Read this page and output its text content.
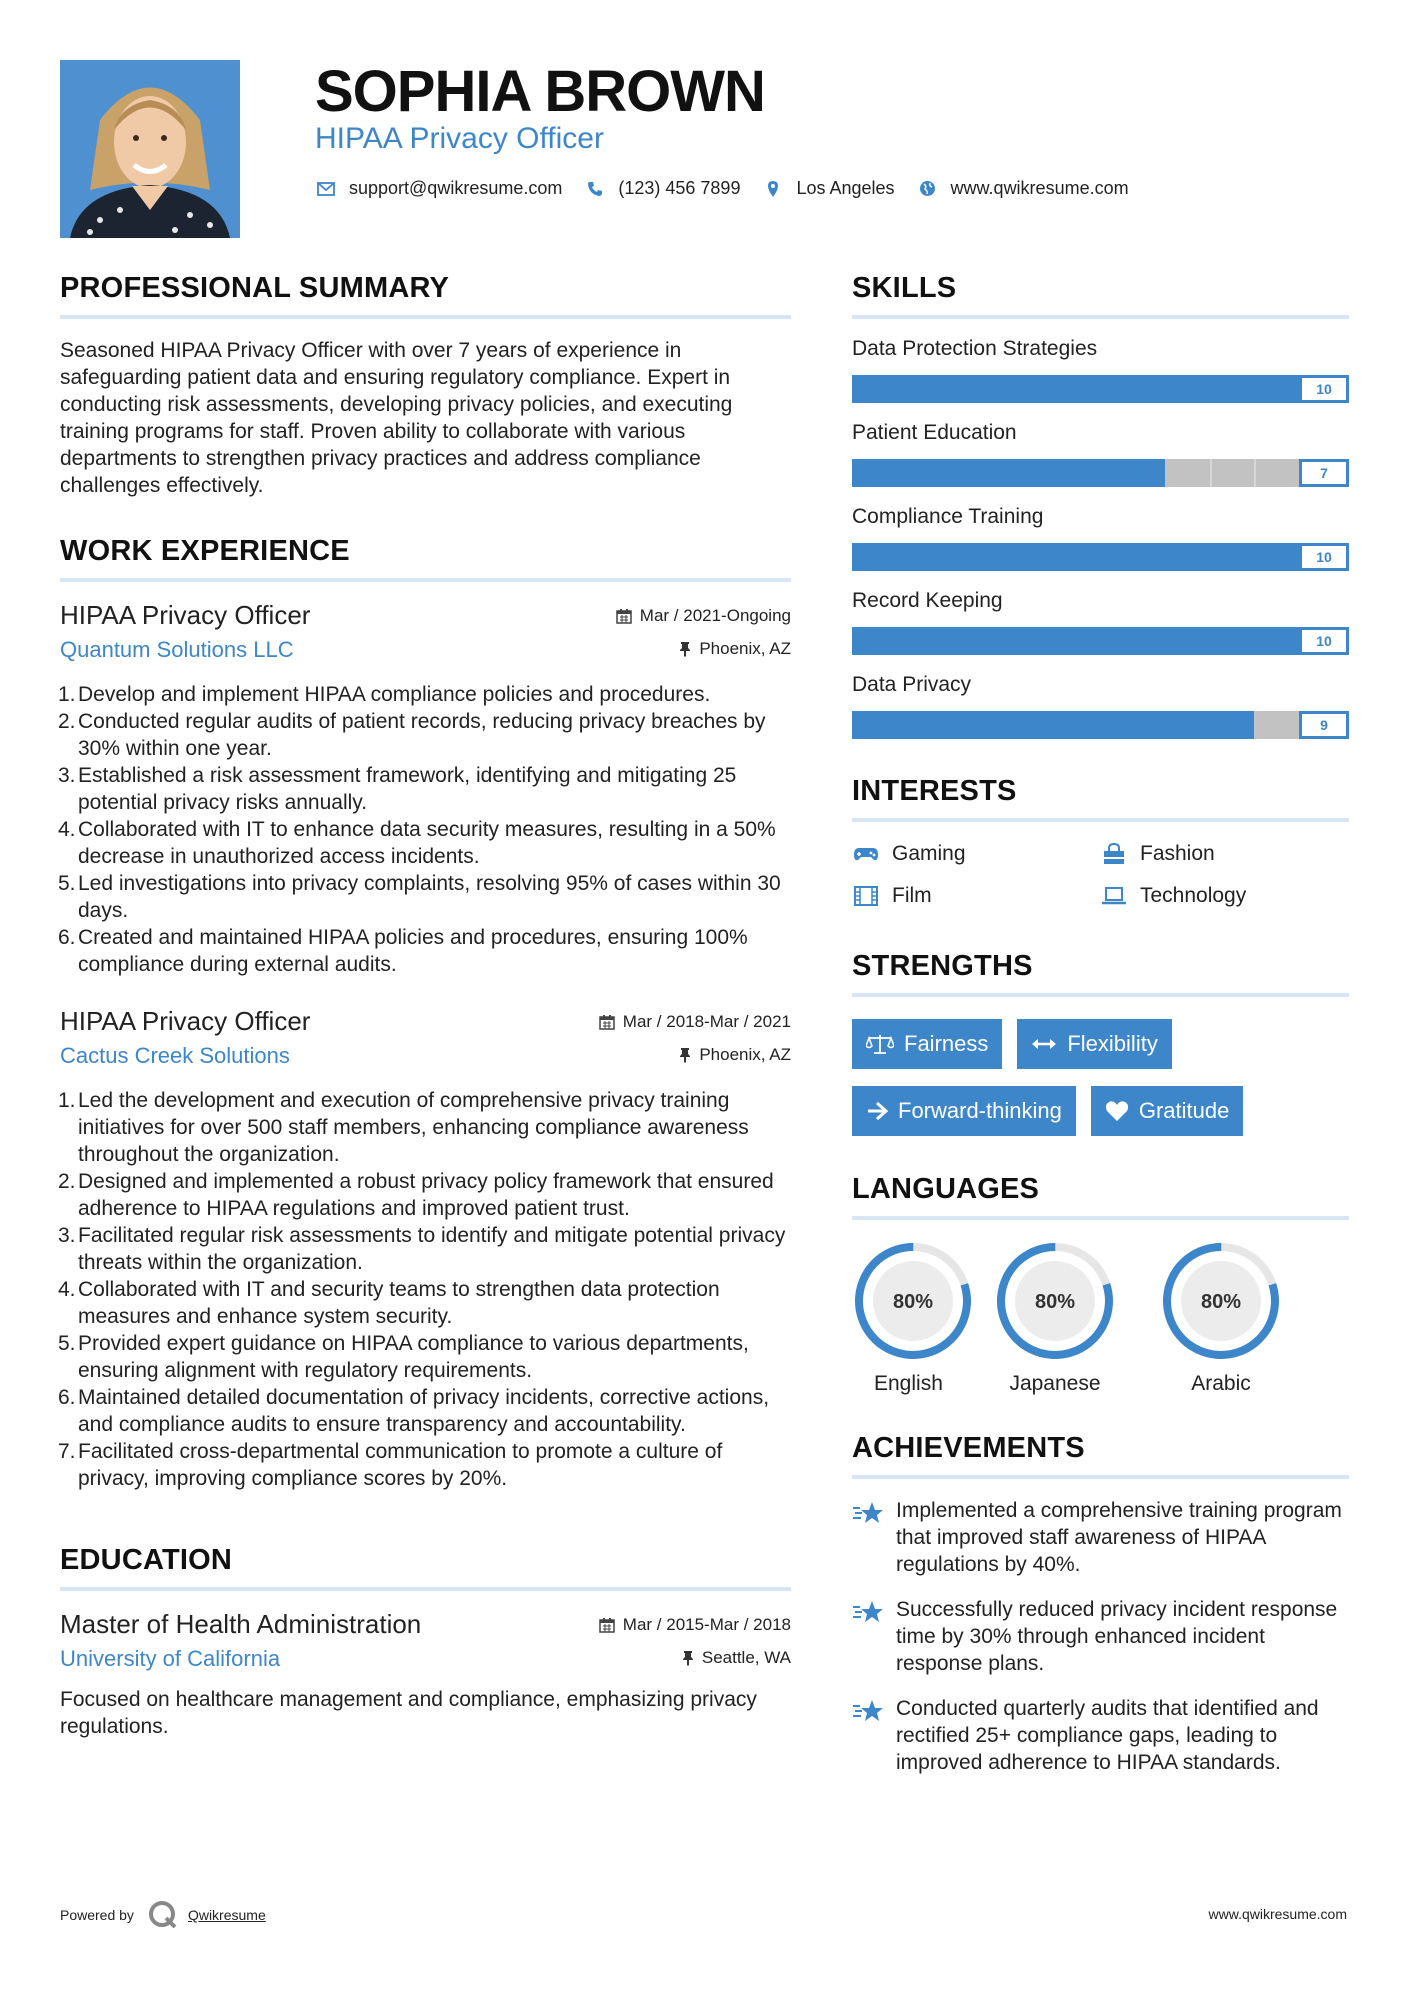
SOPHIA BROWN
HIPAA Privacy Officer
support@qwikresume.com	(123) 456 7899	Los Angeles	www.qwikresume.com
PROFESSIONAL SUMMARY
Seasoned HIPAA Privacy Officer with over 7 years of experience in safeguarding patient data and ensuring regulatory compliance. Expert in conducting risk assessments, developing privacy policies, and executing training programs for staff. Proven ability to collaborate with various departments to strengthen privacy practices and address compliance challenges effectively.
WORK EXPERIENCE
HIPAA Privacy Officer	Mar / 2021-Ongoing
Quantum Solutions LLC	Phoenix, AZ
1. Develop and implement HIPAA compliance policies and procedures.
2. Conducted regular audits of patient records, reducing privacy breaches by 30% within one year.
3. Established a risk assessment framework, identifying and mitigating 25 potential privacy risks annually.
4. Collaborated with IT to enhance data security measures, resulting in a 50% decrease in unauthorized access incidents.
5. Led investigations into privacy complaints, resolving 95% of cases within 30 days.
6. Created and maintained HIPAA policies and procedures, ensuring 100% compliance during external audits.
HIPAA Privacy Officer	Mar / 2018-Mar / 2021
Cactus Creek Solutions	Phoenix, AZ
1. Led the development and execution of comprehensive privacy training initiatives for over 500 staff members, enhancing compliance awareness throughout the organization.
2. Designed and implemented a robust privacy policy framework that ensured adherence to HIPAA regulations and improved patient trust.
3. Facilitated regular risk assessments to identify and mitigate potential privacy threats within the organization.
4. Collaborated with IT and security teams to strengthen data protection measures and enhance system security.
5. Provided expert guidance on HIPAA compliance to various departments, ensuring alignment with regulatory requirements.
6. Maintained detailed documentation of privacy incidents, corrective actions, and compliance audits to ensure transparency and accountability.
7. Facilitated cross-departmental communication to promote a culture of privacy, improving compliance scores by 20%.
EDUCATION
Master of Health Administration	Mar / 2015-Mar / 2018
University of California	Seattle, WA
Focused on healthcare management and compliance, emphasizing privacy regulations.
SKILLS
Data Protection Strategies
10
Patient Education
7
Compliance Training
10
Record Keeping
10
Data Privacy
9
INTERESTS
Gaming	Fashion
Film	Technology
STRENGTHS
Fairness	Flexibility
Forward-thinking	Gratitude
LANGUAGES
80%
English
80%
Japanese
80%
Arabic
ACHIEVEMENTS
Implemented a comprehensive training program that improved staff awareness of HIPAA regulations by 40%.
Successfully reduced privacy incident response time by 30% through enhanced incident response plans.
Conducted quarterly audits that identified and rectified 25+ compliance gaps, leading to improved adherence to HIPAA standards.
Powered by	Qwikresume	www.qwikresume.com
